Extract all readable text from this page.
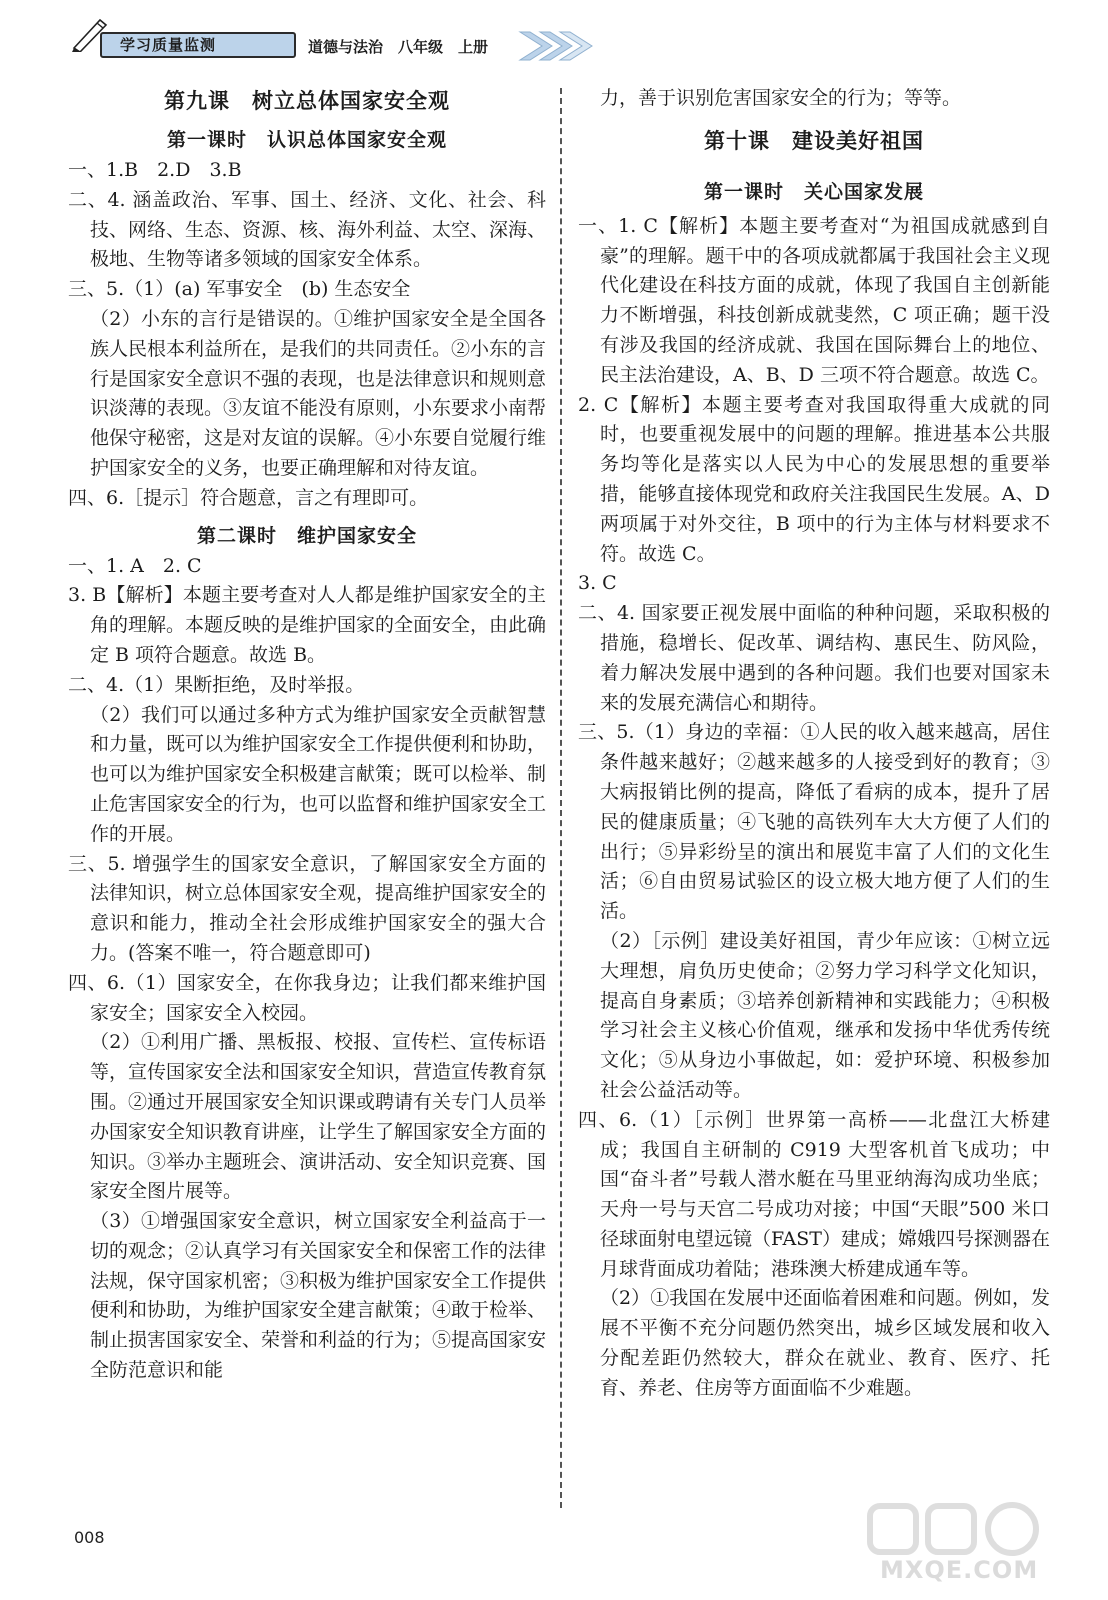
学习质量监测	道德与法治　八年级　上册
第九课　树立总体国家安全观
第一课时　认识总体国家安全观
一、1.B　2.D　3.B
二、4. 涵盖政治、军事、国土、经济、文化、社会、科技、网络、生态、资源、核、海外利益、太空、深海、极地、生物等诸多领域的国家安全体系。
三、5.（1）(a) 军事安全　(b) 生态安全
（2）小东的言行是错误的。①维护国家安全是全国各族人民根本利益所在，是我们的共同责任。②小东的言行是国家安全意识不强的表现，也是法律意识和规则意识淡薄的表现。③友谊不能没有原则，小东要求小南帮他保守秘密，这是对友谊的误解。④小东要自觉履行维护国家安全的义务，也要正确理解和对待友谊。
四、6.［提示］符合题意，言之有理即可。
第二课时　维护国家安全
一、1. A　2. C
3. B【解析】本题主要考查对人人都是维护国家安全的主角的理解。本题反映的是维护国家的全面安全，由此确定 B 项符合题意。故选 B。
二、4.（1）果断拒绝，及时举报。
（2）我们可以通过多种方式为维护国家安全贡献智慧和力量，既可以为维护国家安全工作提供便利和协助，也可以为维护国家安全积极建言献策；既可以检举、制止危害国家安全的行为，也可以监督和维护国家安全工作的开展。
三、5. 增强学生的国家安全意识，了解国家安全方面的法律知识，树立总体国家安全观，提高维护国家安全的意识和能力，推动全社会形成维护国家安全的强大合力。(答案不唯一，符合题意即可)
四、6.（1）国家安全，在你我身边；让我们都来维护国家安全；国家安全入校园。
（2）①利用广播、黑板报、校报、宣传栏、宣传标语等，宣传国家安全法和国家安全知识，营造宣传教育氛围。②通过开展国家安全知识课或聘请有关专门人员举办国家安全知识教育讲座，让学生了解国家安全方面的知识。③举办主题班会、演讲活动、安全知识竞赛、国家安全图片展等。
（3）①增强国家安全意识，树立国家安全利益高于一切的观念；②认真学习有关国家安全和保密工作的法律法规，保守国家机密；③积极为维护国家安全工作提供便利和协助，为维护国家安全建言献策；④敢于检举、制止损害国家安全、荣誉和利益的行为；⑤提高国家安全防范意识和能
力，善于识别危害国家安全的行为；等等。
第十课　建设美好祖国
第一课时　关心国家发展
一、1. C【解析】本题主要考查对“为祖国成就感到自豪”的理解。题干中的各项成就都属于我国社会主义现代化建设在科技方面的成就，体现了我国自主创新能力不断增强，科技创新成就斐然，C 项正确；题干没有涉及我国的经济成就、我国在国际舞台上的地位、民主法治建设，A、B、D 三项不符合题意。故选 C。
2. C【解析】本题主要考查对我国取得重大成就的同时，也要重视发展中的问题的理解。推进基本公共服务均等化是落实以人民为中心的发展思想的重要举措，能够直接体现党和政府关注我国民生发展。A、D 两项属于对外交往，B 项中的行为主体与材料要求不符。故选 C。
3. C
二、4. 国家要正视发展中面临的种种问题，采取积极的措施，稳增长、促改革、调结构、惠民生、防风险，着力解决发展中遇到的各种问题。我们也要对国家未来的发展充满信心和期待。
三、5.（1）身边的幸福：①人民的收入越来越高，居住条件越来越好；②越来越多的人接受到好的教育；③大病报销比例的提高，降低了看病的成本，提升了居民的健康质量；④飞驰的高铁列车大大方便了人们的出行；⑤异彩纷呈的演出和展览丰富了人们的文化生活；⑥自由贸易试验区的设立极大地方便了人们的生活。
（2）［示例］建设美好祖国，青少年应该：①树立远大理想，肩负历史使命；②努力学习科学文化知识，提高自身素质；③培养创新精神和实践能力；④积极学习社会主义核心价值观，继承和发扬中华优秀传统文化；⑤从身边小事做起，如：爱护环境、积极参加社会公益活动等。
四、6.（1）［示例］世界第一高桥——北盘江大桥建成；我国自主研制的 C919 大型客机首飞成功；中国“奋斗者”号载人潜水艇在马里亚纳海沟成功坐底；天舟一号与天宫二号成功对接；中国“天眼”500 米口径球面射电望远镜（FAST）建成；嫦娥四号探测器在月球背面成功着陆；港珠澳大桥建成通车等。
（2）①我国在发展中还面临着困难和问题。例如，发展不平衡不充分问题仍然突出，城乡区域发展和收入分配差距仍然较大，群众在就业、教育、医疗、托育、养老、住房等方面面临不少难题。
008
MXQE.COM
